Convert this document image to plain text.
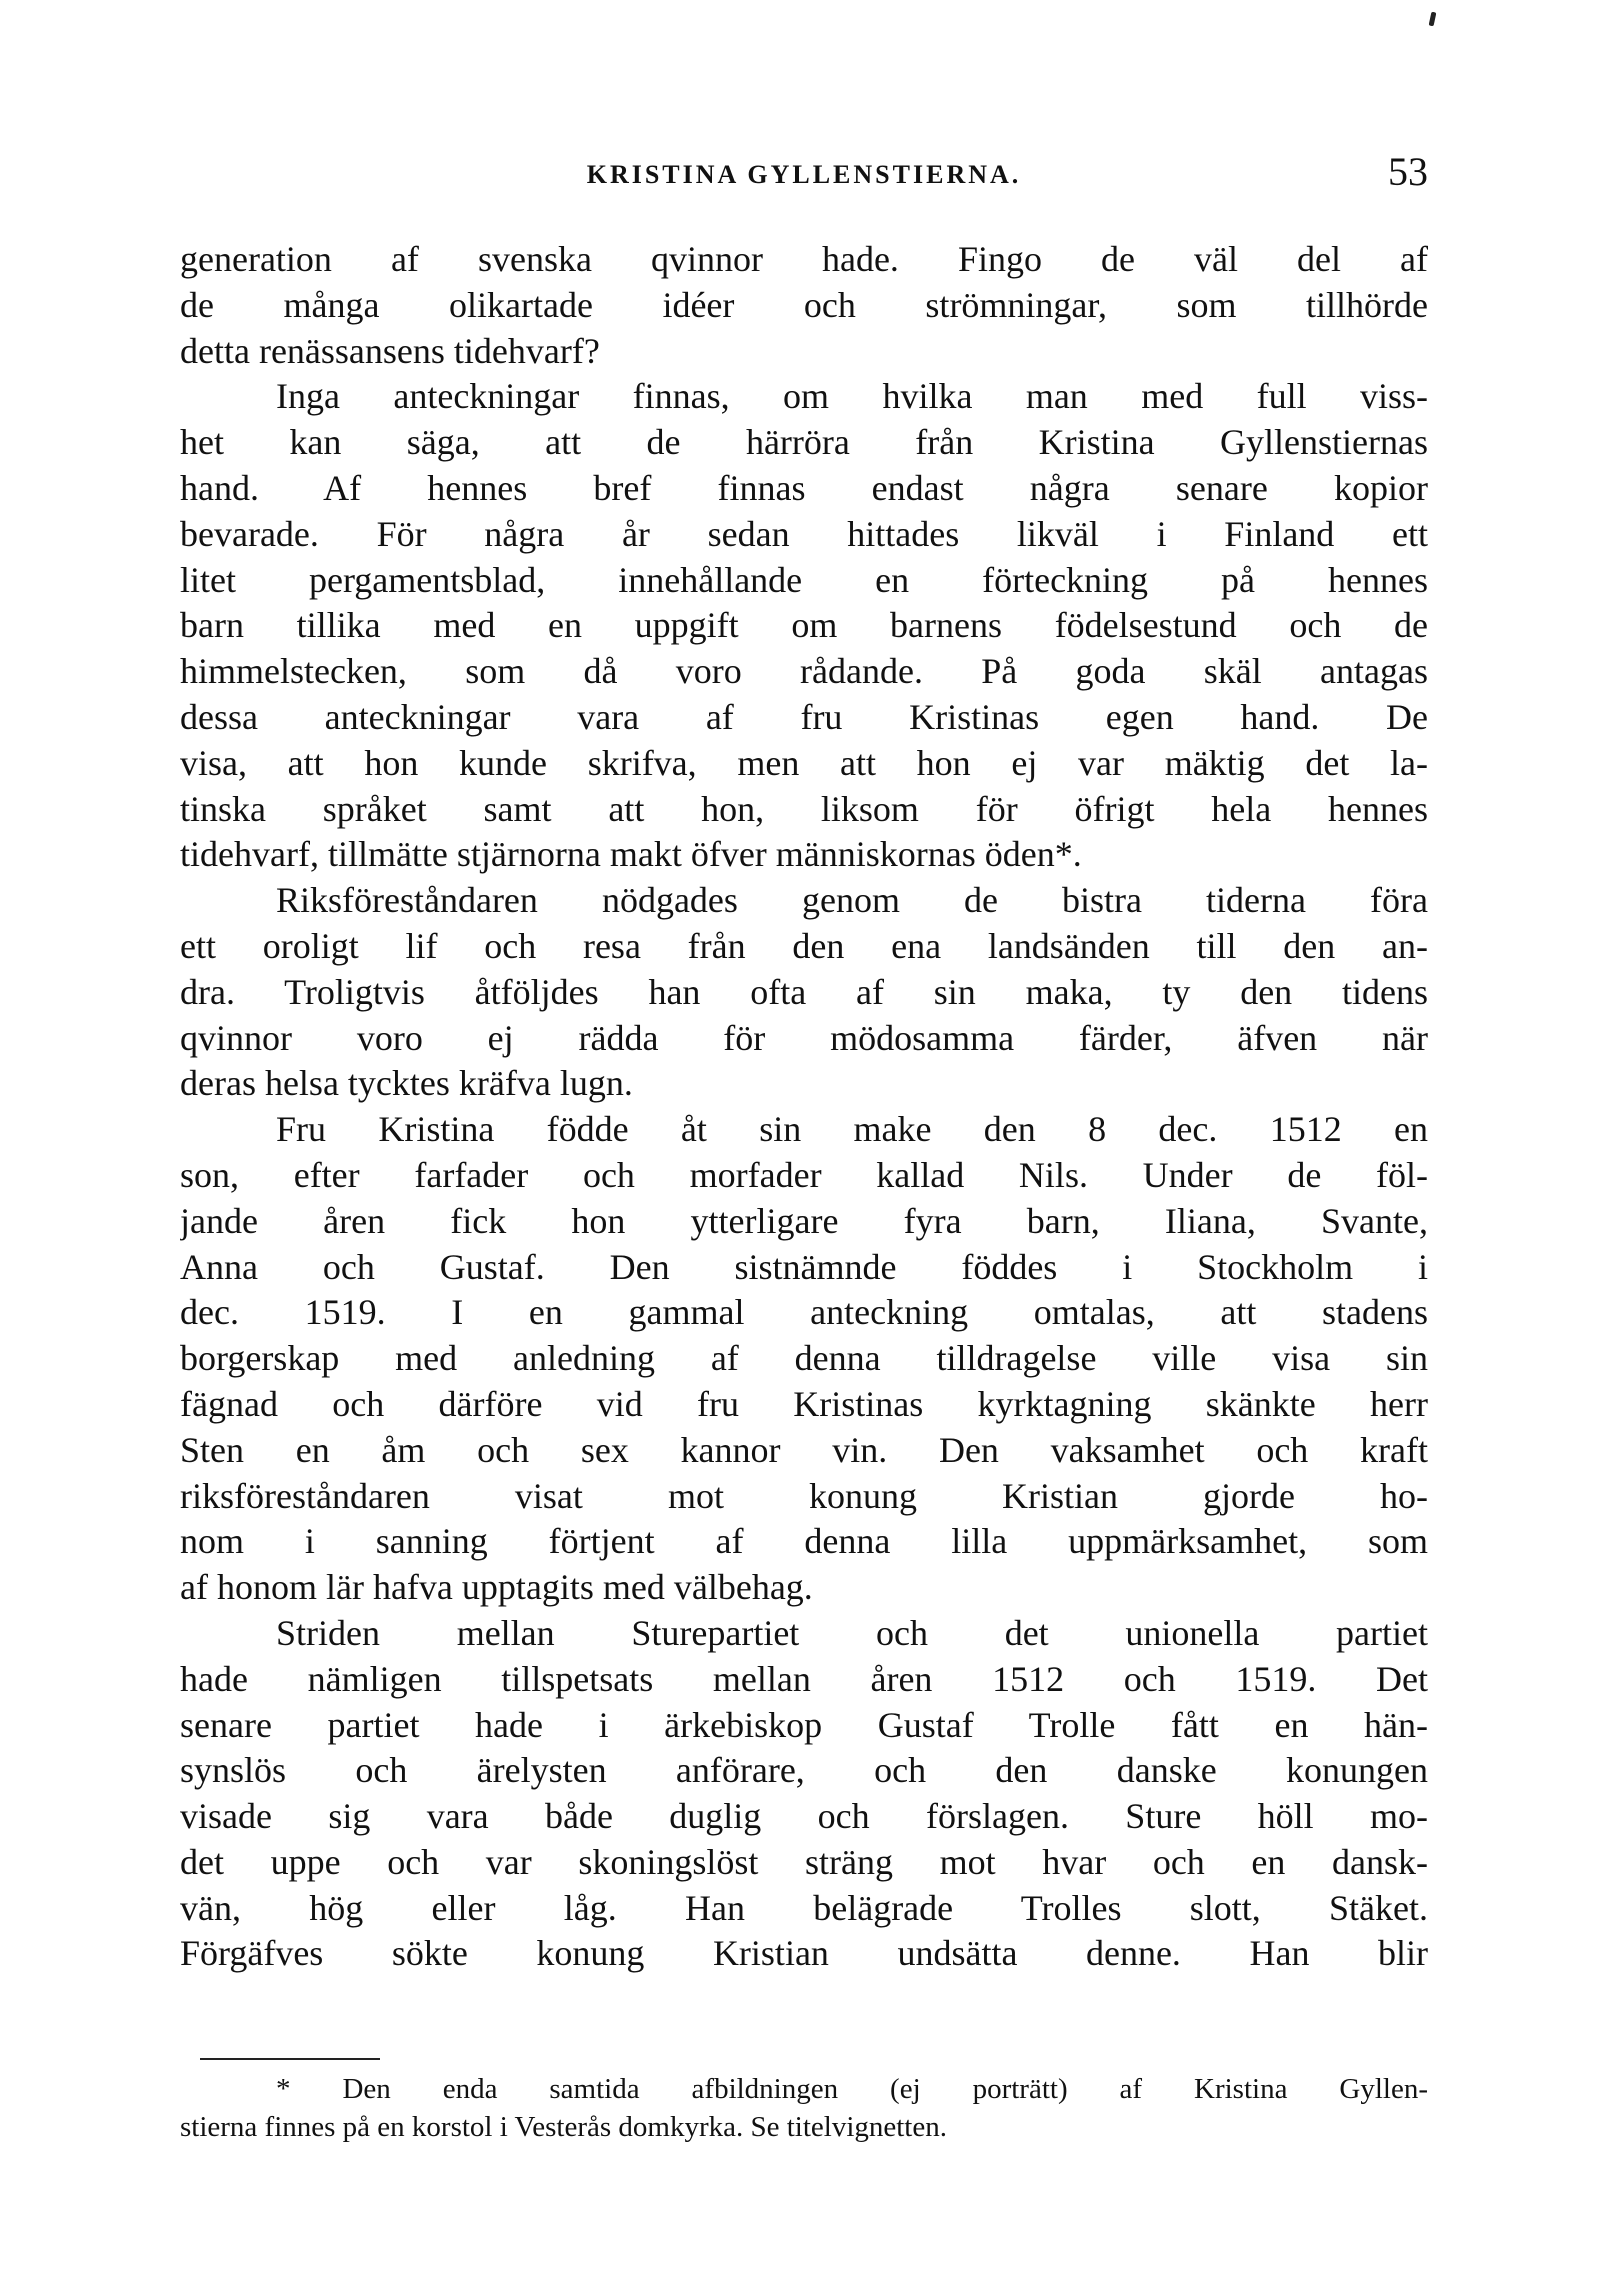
KRISTINA GYLLENSTIERNA.	53
generation af svenska qvinnor hade. Fingo de väl del af
de många olikartade idéer och strömningar, som tillhörde
detta renässansens tidehvarf?
Inga anteckningar finnas, om hvilka man med full viss-
het kan säga, att de härröra från Kristina Gyllenstiernas
hand. Af hennes bref finnas endast några senare kopior
bevarade. För några år sedan hittades likväl i Finland ett
litet pergamentsblad, innehållande en förteckning på hennes
barn tillika med en uppgift om barnens födelsestund och de
himmelstecken, som då voro rådande. På goda skäl antagas
dessa anteckningar vara af fru Kristinas egen hand. De
visa, att hon kunde skrifva, men att hon ej var mäktig det la-
tinska språket samt att hon, liksom för öfrigt hela hennes
tidehvarf, tillmätte stjärnorna makt öfver människornas öden*.
Riksföreståndaren nödgades genom de bistra tiderna föra
ett oroligt lif och resa från den ena landsänden till den an-
dra. Troligtvis åtföljdes han ofta af sin maka, ty den tidens
qvinnor voro ej rädda för mödosamma färder, äfven när
deras helsa tycktes kräfva lugn.
Fru Kristina födde åt sin make den 8 dec. 1512 en
son, efter farfader och morfader kallad Nils. Under de föl-
jande åren fick hon ytterligare fyra barn, Iliana, Svante,
Anna och Gustaf. Den sistnämnde föddes i Stockholm i
dec. 1519. I en gammal anteckning omtalas, att stadens
borgerskap med anledning af denna tilldragelse ville visa sin
fägnad och därföre vid fru Kristinas kyrktagning skänkte herr
Sten en åm och sex kannor vin. Den vaksamhet och kraft
riksföreståndaren visat mot konung Kristian gjorde ho-
nom i sanning förtjent af denna lilla uppmärksamhet, som
af honom lär hafva upptagits med välbehag.
Striden mellan Sturepartiet och det unionella partiet
hade nämligen tillspetsats mellan åren 1512 och 1519. Det
senare partiet hade i ärkebiskop Gustaf Trolle fått en hän-
synslös och ärelysten anförare, och den danske konungen
visade sig vara både duglig och förslagen. Sture höll mo-
det uppe och var skoningslöst sträng mot hvar och en dansk-
vän, hög eller låg. Han belägrade Trolles slott, Stäket.
Förgäfves sökte konung Kristian undsätta denne. Han blir
* Den enda samtida afbildningen (ej porträtt) af Kristina Gyllen-
stierna finnes på en korstol i Vesterås domkyrka. Se titelvignetten.
